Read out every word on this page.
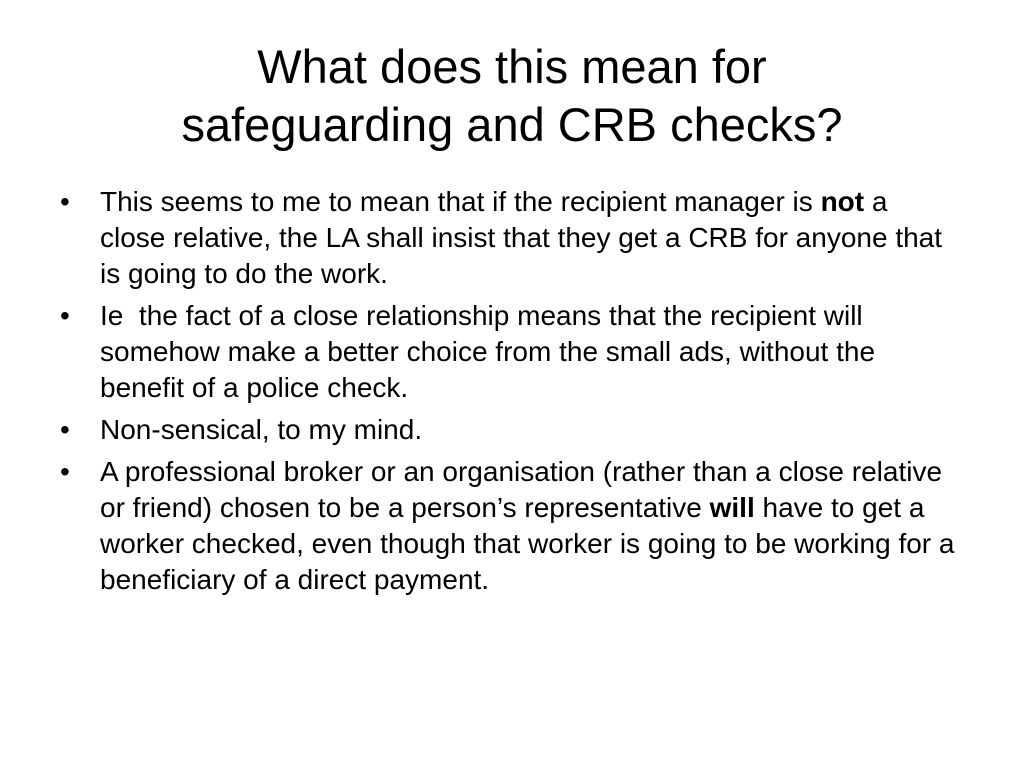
What does this mean for
safeguarding and CRB checks?
•	This seems to me to mean that if the recipient manager is not a close relative, the LA shall insist that they get a CRB for anyone that is going to do the work.
•	Ie  the fact of a close relationship means that the recipient will somehow make a better choice from the small ads, without the benefit of a police check.
•	Non-sensical, to my mind.
•	A professional broker or an organisation (rather than a close relative or friend) chosen to be a person’s representative will have to get a worker checked, even though that worker is going to be working for a beneficiary of a direct payment.
